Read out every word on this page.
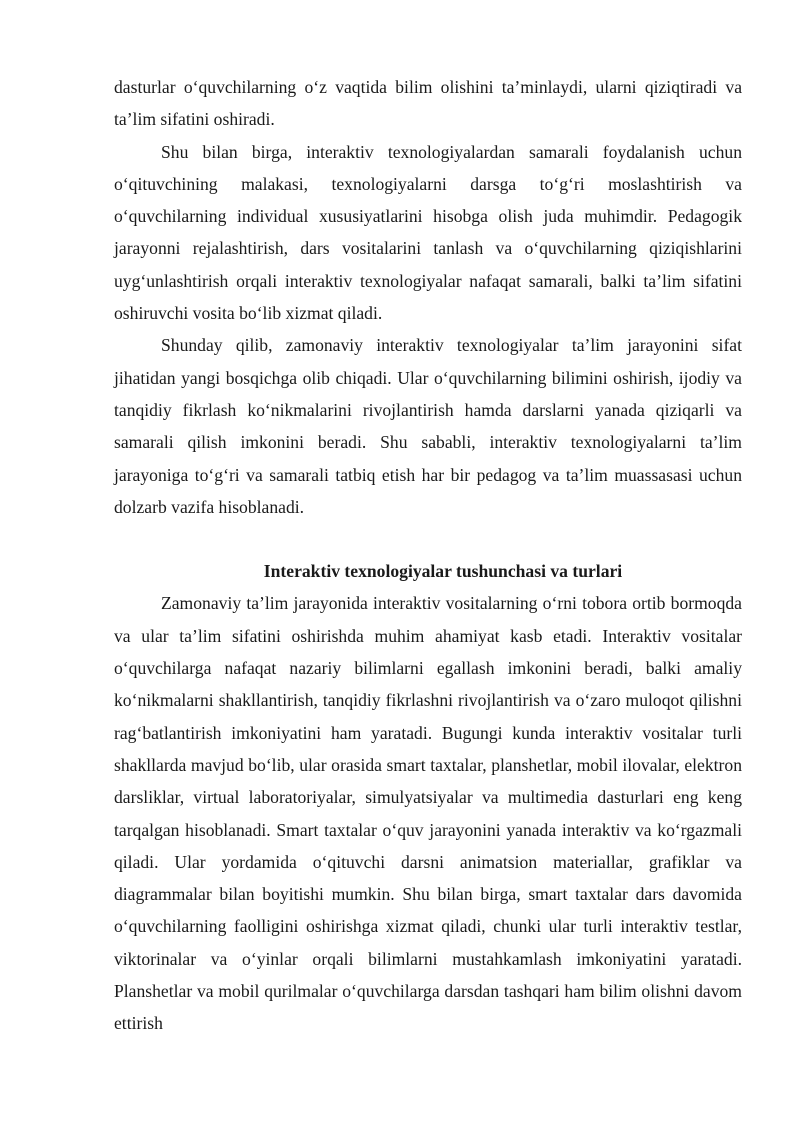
dasturlar o‘quvchilarning o‘z vaqtida bilim olishini ta’minlaydi, ularni qiziqtiradi va ta’lim sifatini oshiradi.

Shu bilan birga, interaktiv texnologiyalardan samarali foydalanish uchun o‘qituvchining malakasi, texnologiyalarni darsga to‘g‘ri moslashtirish va o‘quvchilarning individual xususiyatlarini hisobga olish juda muhimdir. Pedagogik jarayonni rejalashtirish, dars vositalarini tanlash va o‘quvchilarning qiziqishlarini uyg‘unlashtirish orqali interaktiv texnologiyalar nafaqat samarali, balki ta’lim sifatini oshiruvchi vosita bo‘lib xizmat qiladi.

Shunday qilib, zamonaviy interaktiv texnologiyalar ta’lim jarayonini sifat jihatidan yangi bosqichga olib chiqadi. Ular o‘quvchilarning bilimini oshirish, ijodiy va tanqidiy fikrlash ko‘nikmalarini rivojlantirish hamda darslarni yanada qiziqarli va samarali qilish imkonini beradi. Shu sababli, interaktiv texnologiyalarni ta’lim jarayoniga to‘g‘ri va samarali tatbiq etish har bir pedagog va ta’lim muassasasi uchun dolzarb vazifa hisoblanadi.

Interaktiv texnologiyalar tushunchasi va turlari

Zamonaviy ta’lim jarayonida interaktiv vositalarning o‘rni tobora ortib bormoqda va ular ta’lim sifatini oshirishda muhim ahamiyat kasb etadi. Interaktiv vositalar o‘quvchilarga nafaqat nazariy bilimlarni egallash imkonini beradi, balki amaliy ko‘nikmalarni shakllantirish, tanqidiy fikrlashni rivojlantirish va o‘zaro muloqot qilishni rag‘batlantirish imkoniyatini ham yaratadi. Bugungi kunda interaktiv vositalar turli shakllarda mavjud bo‘lib, ular orasida smart taxtalar, planshetlar, mobil ilovalar, elektron darsliklar, virtual laboratoriyalar, simulyatsiyalar va multimedia dasturlari eng keng tarqalgan hisoblanadi. Smart taxtalar o‘quv jarayonini yanada interaktiv va ko‘rgazmali qiladi. Ular yordamida o‘qituvchi darsni animatsion materiallar, grafiklar va diagrammalar bilan boyitishi mumkin. Shu bilan birga, smart taxtalar dars davomida o‘quvchilarning faolligini oshirishga xizmat qiladi, chunki ular turli interaktiv testlar, viktorinalar va o‘yinlar orqali bilimlarni mustahkamlash imkoniyatini yaratadi. Planshetlar va mobil qurilmalar o‘quvchilarga darsdan tashqari ham bilim olishni davom ettirish
